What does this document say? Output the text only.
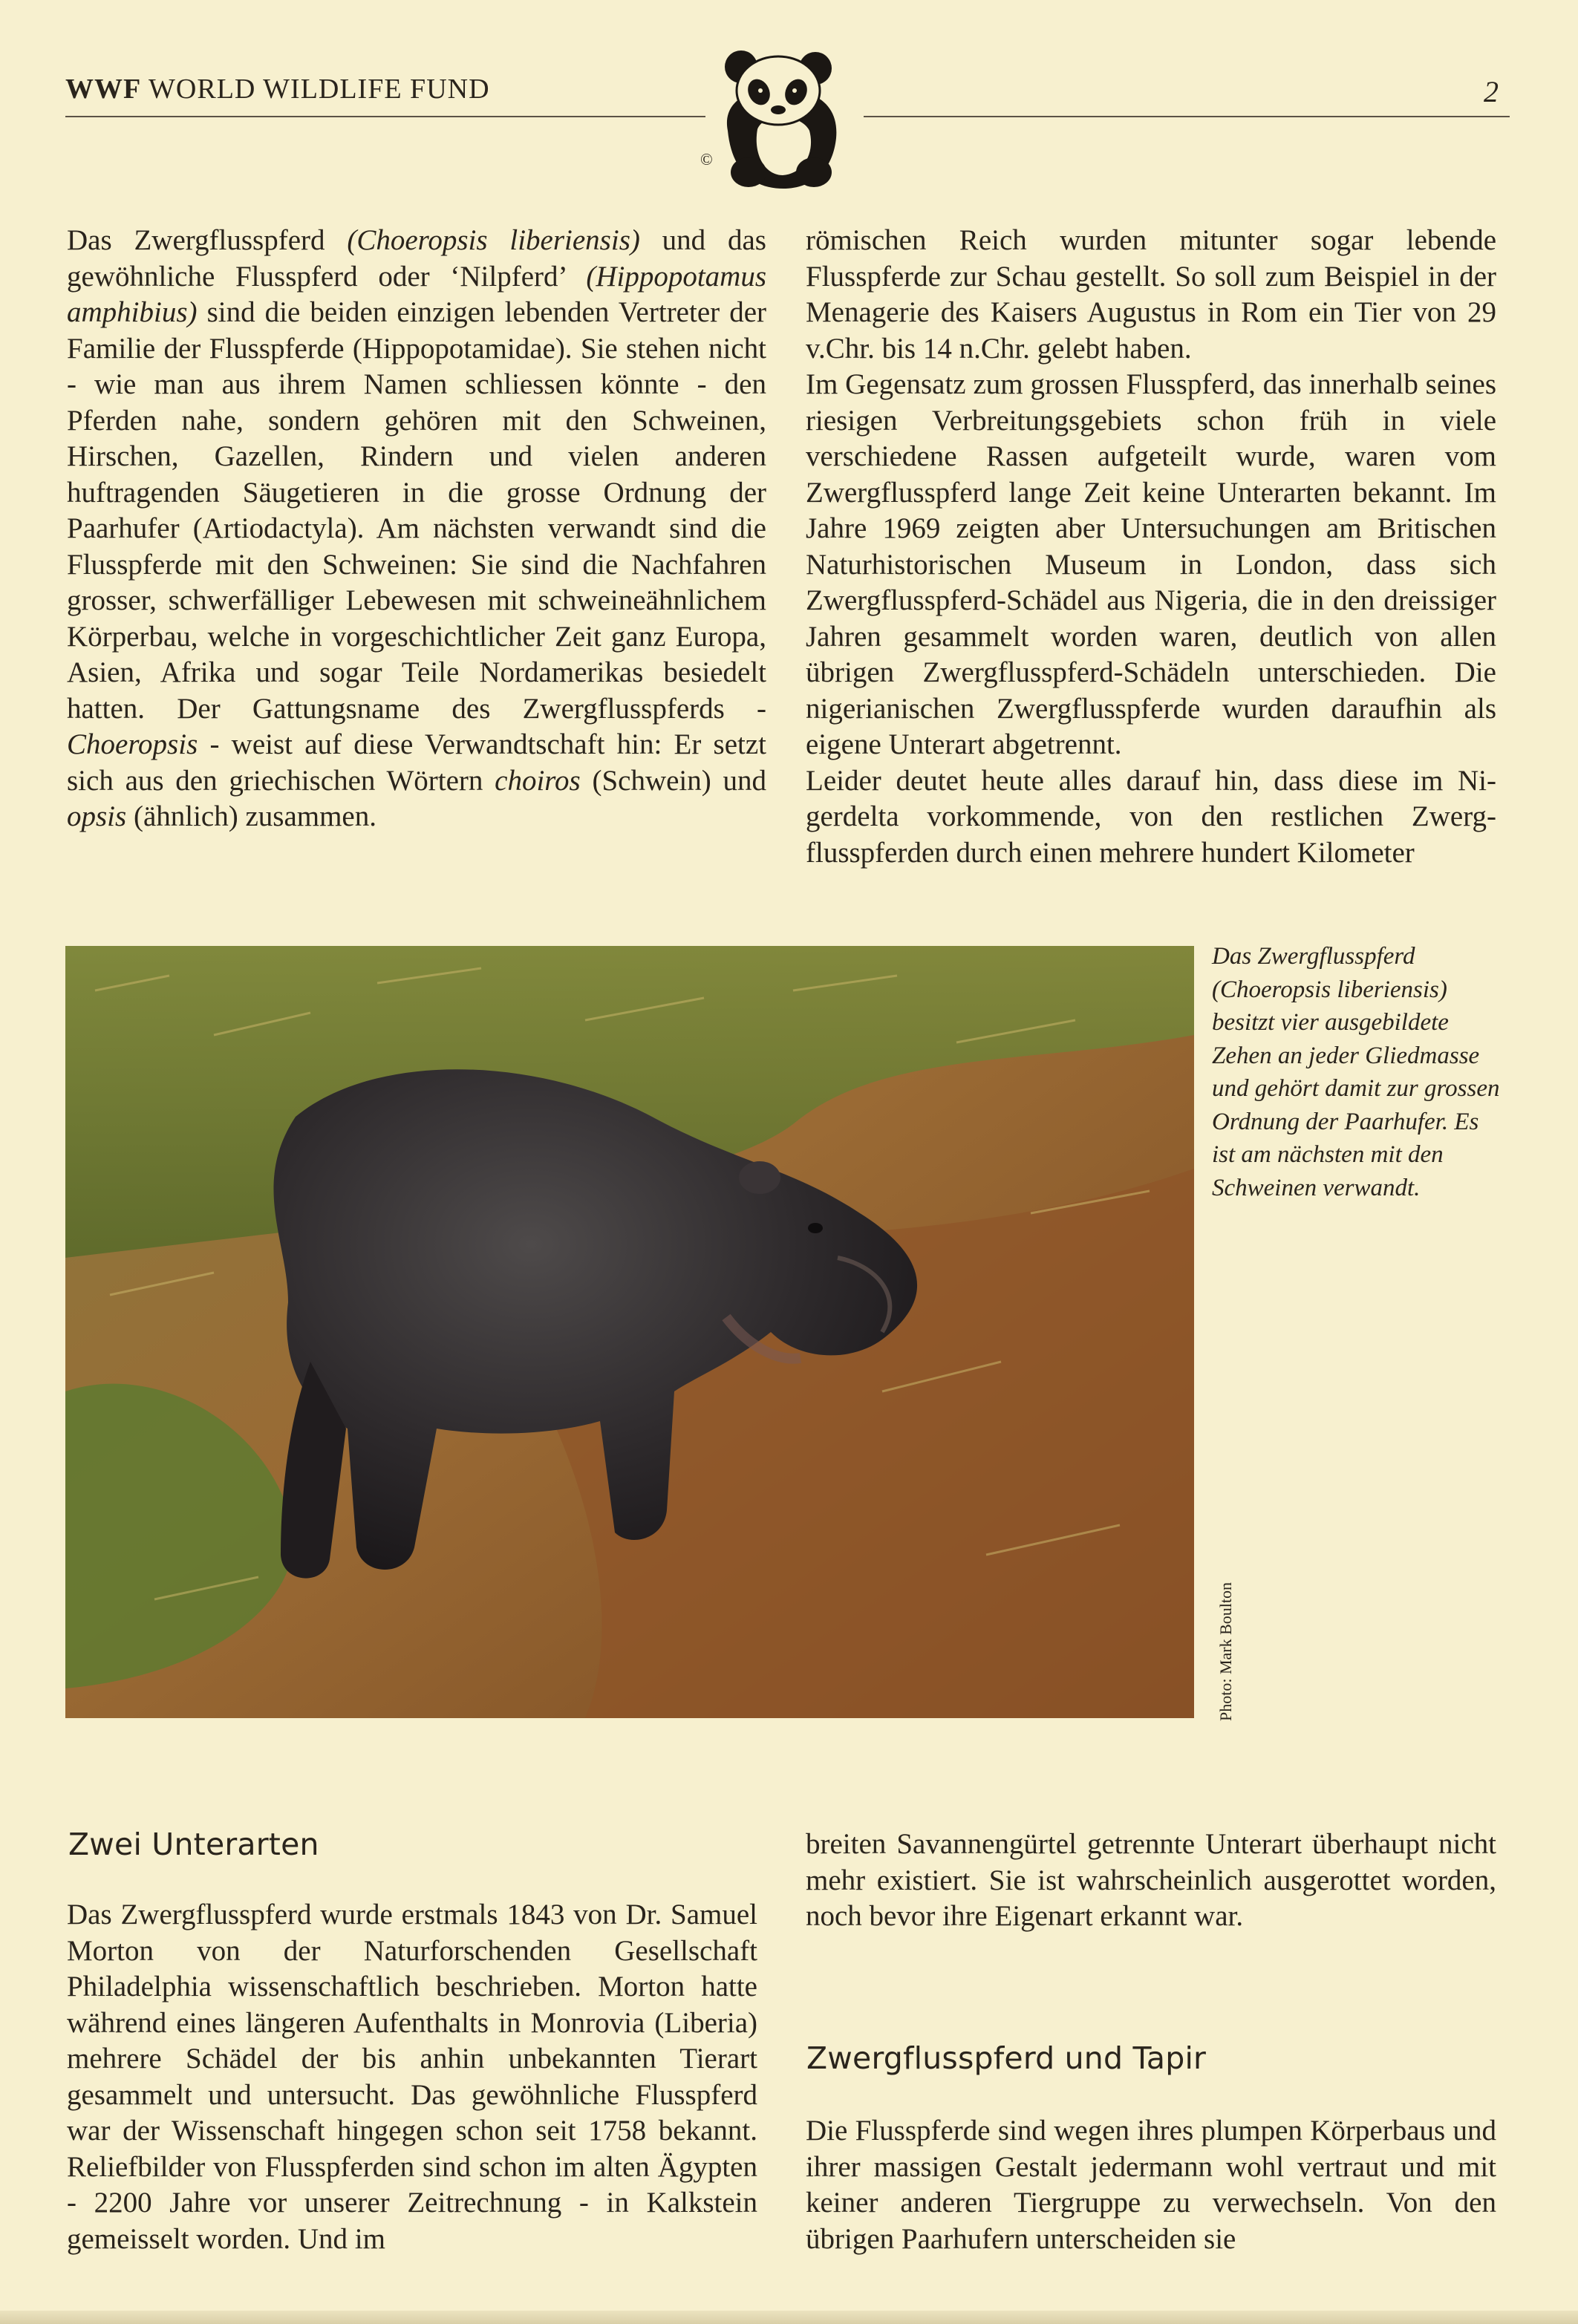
WWF WORLD WILDLIFE FUND
©
2

Das Zwergflusspferd (Choeropsis liberiensis) und das gewöhnliche Flusspferd oder ‘Nilpferd’ (Hippopotamus amphibius) sind die beiden einzigen lebenden Vertreter der Familie der Flusspferde (Hippopotamidae). Sie stehen nicht - wie man aus ihrem Namen schliessen könnte - den Pferden nahe, sondern gehören mit den Schweinen, Hirschen, Gazellen, Rindern und vielen anderen huftragenden Säugetieren in die grosse Ordnung der Paarhufer (Artiodactyla). Am nächsten verwandt sind die Flusspferde mit den Schweinen: Sie sind die Nachfahren grosser, schwerfälliger Lebewesen mit schweineähnlichem Körperbau, welche in vorgeschichtlicher Zeit ganz Europa, Asien, Afrika und sogar Teile Nordamerikas besiedelt hatten. Der Gattungsname des Zwergflusspferds - Choeropsis - weist auf diese Verwandtschaft hin: Er setzt sich aus den griechischen Wörtern choiros (Schwein) und opsis (ähnlich) zusammen.

römischen Reich wurden mitunter sogar lebende Flusspferde zur Schau gestellt. So soll zum Beispiel in der Menagerie des Kaisers Augustus in Rom ein Tier von 29 v.Chr. bis 14 n.Chr. gelebt haben.

Im Gegensatz zum grossen Flusspferd, das innerhalb seines riesigen Verbreitungsgebiets schon früh in viele verschiedene Rassen aufgeteilt wurde, waren vom Zwergflusspferd lange Zeit keine Unterarten bekannt. Im Jahre 1969 zeigten aber Untersuchungen am Britischen Naturhistorischen Museum in London, dass sich Zwergflusspferd-Schädel aus Nigeria, die in den dreissiger Jahren gesammelt worden waren, deutlich von allen übrigen Zwergflusspferd-Schädeln unterschieden. Die nigerianischen Zwergflusspferde wurden daraufhin als eigene Unterart abgetrennt.

Leider deutet heute alles darauf hin, dass diese im Nigerdelta vorkommende, von den restlichen Zwergflusspferden durch einen mehrere hundert Kilometer

Das Zwergflusspferd (Choeropsis liberiensis) besitzt vier ausgebildete Zehen an jeder Gliedmasse und gehört damit zur grossen Ordnung der Paarhufer. Es ist am nächsten mit den Schweinen verwandt.
Photo: Mark Boulton
Zwei Unterarten

Das Zwergflusspferd wurde erstmals 1843 von Dr. Samuel Morton von der Naturforschenden Gesellschaft Philadelphia wissenschaftlich beschrieben. Morton hatte während eines längeren Aufenthalts in Monrovia (Liberia) mehrere Schädel der bis anhin unbekannten Tierart gesammelt und untersucht. Das gewöhnliche Flusspferd war der Wissenschaft hingegen schon seit 1758 bekannt. Reliefbilder von Flusspferden sind schon im alten Ägypten - 2200 Jahre vor unserer Zeitrechnung - in Kalkstein gemeisselt worden. Und im

breiten Savannengürtel getrennte Unterart überhaupt nicht mehr existiert. Sie ist wahrscheinlich ausgerottet worden, noch bevor ihre Eigenart erkannt war.

Zwergflusspferd und Tapir

Die Flusspferde sind wegen ihres plumpen Körperbaus und ihrer massigen Gestalt jedermann wohl vertraut und mit keiner anderen Tiergruppe zu verwechseln. Von den übrigen Paarhufern unterscheiden sie
